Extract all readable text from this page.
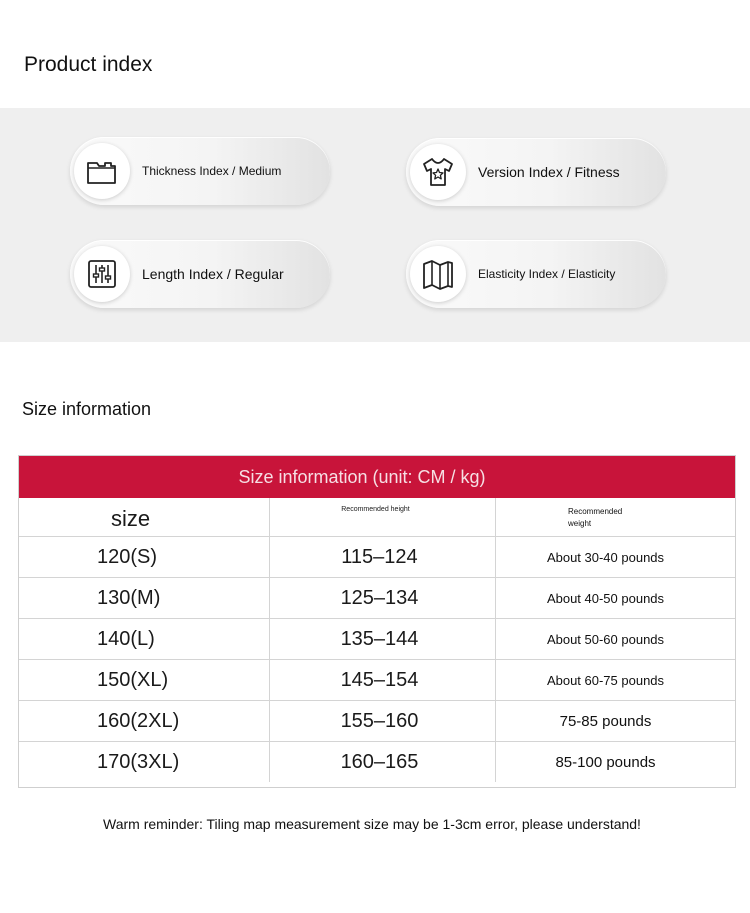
Product index
Thickness Index / Medium	Version Index / Fitness
Length Index / Regular	Elasticity Index / Elasticity
Size information
Size information (unit: CM / kg)
size	Recommended height	Recommended
weight
120(S)	115–124	About 30-40 pounds
130(M)	125–134	About 40-50 pounds
140(L)	135–144	About 50-60 pounds
150(XL)	145–154	About 60-75 pounds
160(2XL)	155–160	75-85 pounds
170(3XL)	160–165	85-100 pounds
Warm reminder: Tiling map measurement size may be 1-3cm error, please understand!
